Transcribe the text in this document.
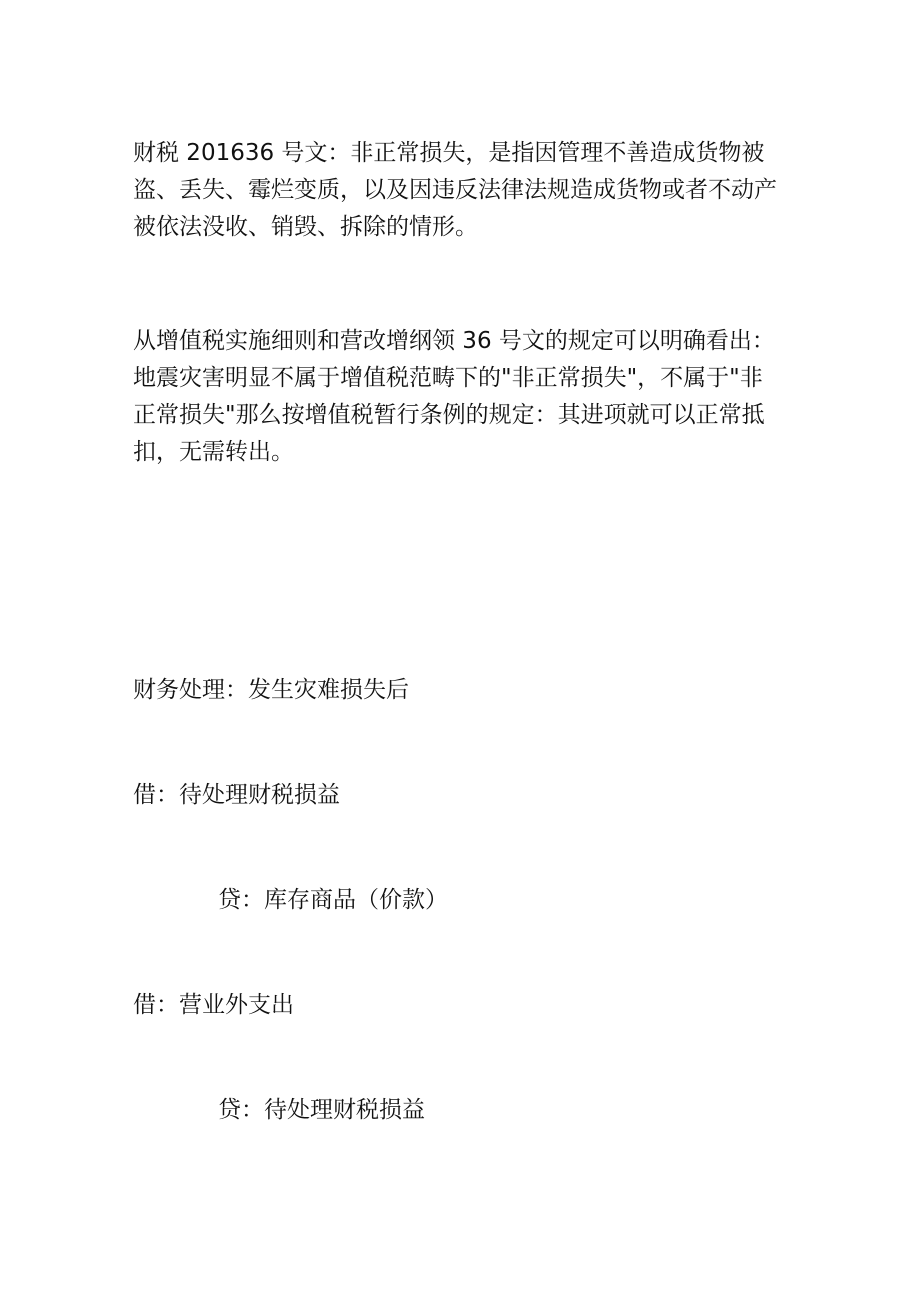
财税 201636 号文：非正常损失，是指因管理不善造成货物被
盗、丢失、霉烂变质，以及因违反法律法规造成货物或者不动产
被依法没收、销毁、拆除的情形。

从增值税实施细则和营改增纲领 36 号文的规定可以明确看出：
地震灾害明显不属于增值税范畴下的"非正常损失"，不属于"非
正常损失"那么按增值税暂行条例的规定：其进项就可以正常抵
扣，无需转出。

财务处理：发生灾难损失后

借：待处理财税损益

贷：库存商品（价款）

借：营业外支出

贷：待处理财税损益
